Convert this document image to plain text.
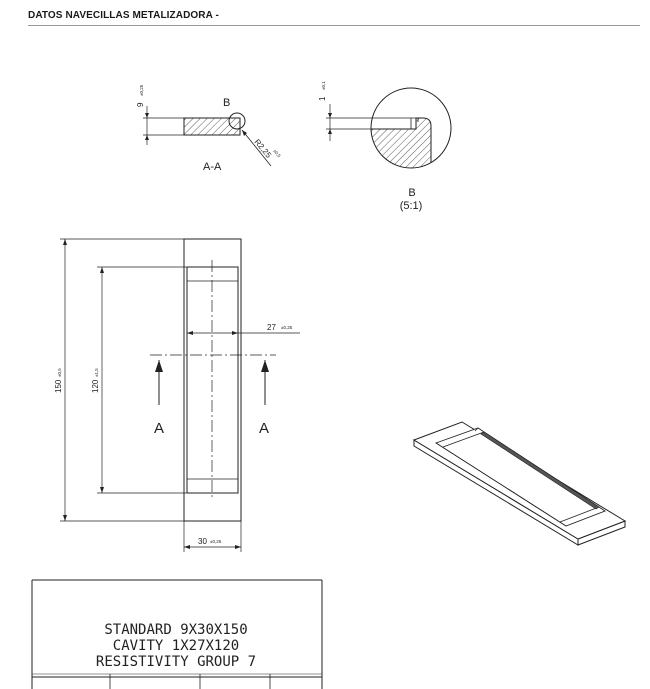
DATOS NAVECILLAS METALIZADORA -
9
±0,25
B
R2,25 ±0,5
A-A
1
±0,1
B
(5:1)
A	A
150
±0,5
120
±1,5
27 ±0,25
30 ±0,25
STANDARD 9X30X150
CAVITY 1X27X120
RESISTIVITY GROUP 7
